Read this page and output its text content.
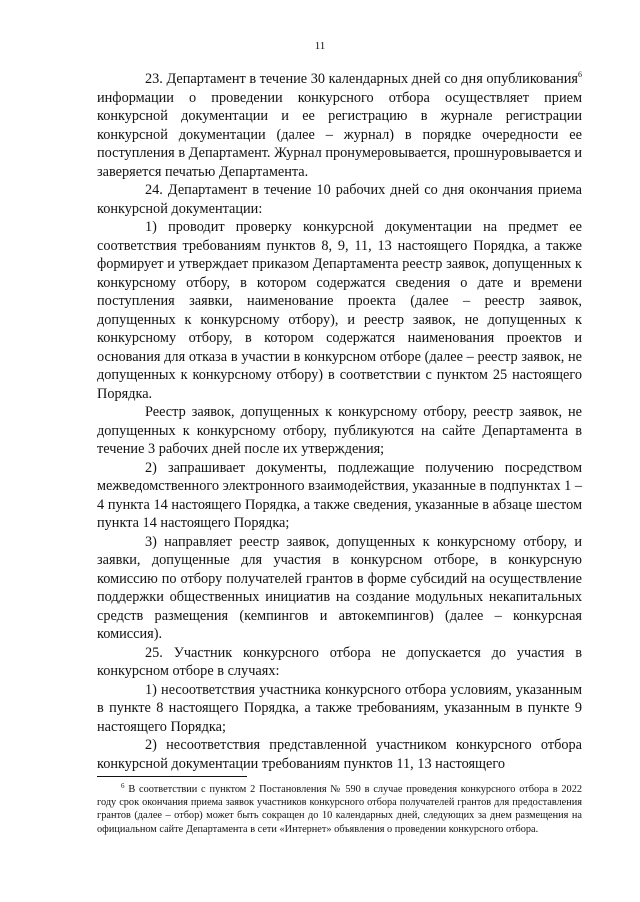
11

23. Департамент в течение 30 календарных дней со дня опубликования$^6$ информации о проведении конкурсного отбора осуществляет прием конкурсной документации и ее регистрацию в журнале регистрации конкурсной документации (далее – журнал) в порядке очередности ее поступления в Департамент. Журнал пронумеровывается, прошнуровывается и заверяется печатью Департамента.

24. Департамент в течение 10 рабочих дней со дня окончания приема конкурсной документации:

1) проводит проверку конкурсной документации на предмет ее соответствия требованиям пунктов 8, 9, 11, 13 настоящего Порядка, а также формирует и утверждает приказом Департамента реестр заявок, допущенных к конкурсному отбору, в котором содержатся сведения о дате и времени поступления заявки, наименование проекта (далее – реестр заявок, допущенных к конкурсному отбору), и реестр заявок, не допущенных к конкурсному отбору, в котором содержатся наименования проектов и основания для отказа в участии в конкурсном отборе (далее – реестр заявок, не допущенных к конкурсному отбору) в соответствии с пунктом 25 настоящего Порядка.

Реестр заявок, допущенных к конкурсному отбору, реестр заявок, не допущенных к конкурсному отбору, публикуются на сайте Департамента в течение 3 рабочих дней после их утверждения;

2) запрашивает документы, подлежащие получению посредством межведомственного электронного взаимодействия, указанные в подпунктах 1 – 4 пункта 14 настоящего Порядка, а также сведения, указанные в абзаце шестом пункта 14 настоящего Порядка;

3) направляет реестр заявок, допущенных к конкурсному отбору, и заявки, допущенные для участия в конкурсном отборе, в конкурсную комиссию по отбору получателей грантов в форме субсидий на осуществление поддержки общественных инициатив на создание модульных некапитальных средств размещения (кемпингов и автокемпингов) (далее – конкурсная комиссия).

25. Участник конкурсного отбора не допускается до участия в конкурсном отборе в случаях:

1) несоответствия участника конкурсного отбора условиям, указанным в пункте 8 настоящего Порядка, а также требованиям, указанным в пункте 9 настоящего Порядка;

2) несоответствия представленной участником конкурсного отбора конкурсной документации требованиям пунктов 11, 13 настоящего

$^6$ В соответствии с пунктом 2 Постановления № 590 в случае проведения конкурсного отбора в 2022 году срок окончания приема заявок участников конкурсного отбора получателей грантов для предоставления грантов (далее – отбор) может быть сокращен до 10 календарных дней, следующих за днем размещения на официальном сайте Департамента в сети «Интернет» объявления о проведении конкурсного отбора.
